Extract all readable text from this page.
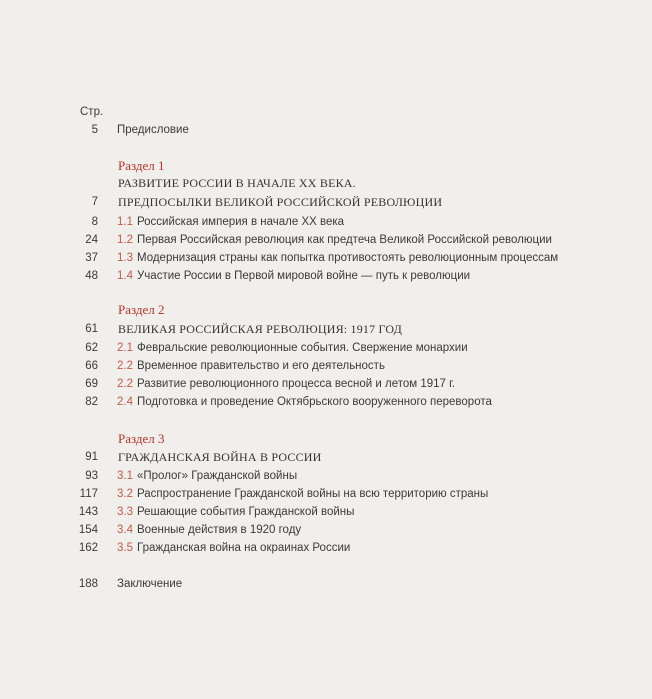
Стр.
5 Предисловие
Раздел 1
РАЗВИТИЕ РОССИИ В НАЧАЛЕ XX ВЕКА.
7 ПРЕДПОСЫЛКИ ВЕЛИКОЙ РОССИЙСКОЙ РЕВОЛЮЦИИ
8 1.1 Российская империя в начале XX века
24 1.2 Первая Российская революция как предтеча Великой Российской революции
37 1.3 Модернизация страны как попытка противостоять революционным процессам
48 1.4 Участие России в Первой мировой войне — путь к революции
Раздел 2
61 ВЕЛИКАЯ РОССИЙСКАЯ РЕВОЛЮЦИЯ: 1917 ГОД
62 2.1 Февральские революционные события. Свержение монархии
66 2.2 Временное правительство и его деятельность
69 2.2 Развитие революционного процесса весной и летом 1917 г.
82 2.4 Подготовка и проведение Октябрьского вооруженного переворота
Раздел 3
91 ГРАЖДАНСКАЯ ВОЙНА В РОССИИ
93 3.1 «Пролог» Гражданской войны
117 3.2 Распространение Гражданской войны на всю территорию страны
143 3.3 Решающие события Гражданской войны
154 3.4 Военные действия в 1920 году
162 3.5 Гражданская война на окраинах России
188 Заключение
